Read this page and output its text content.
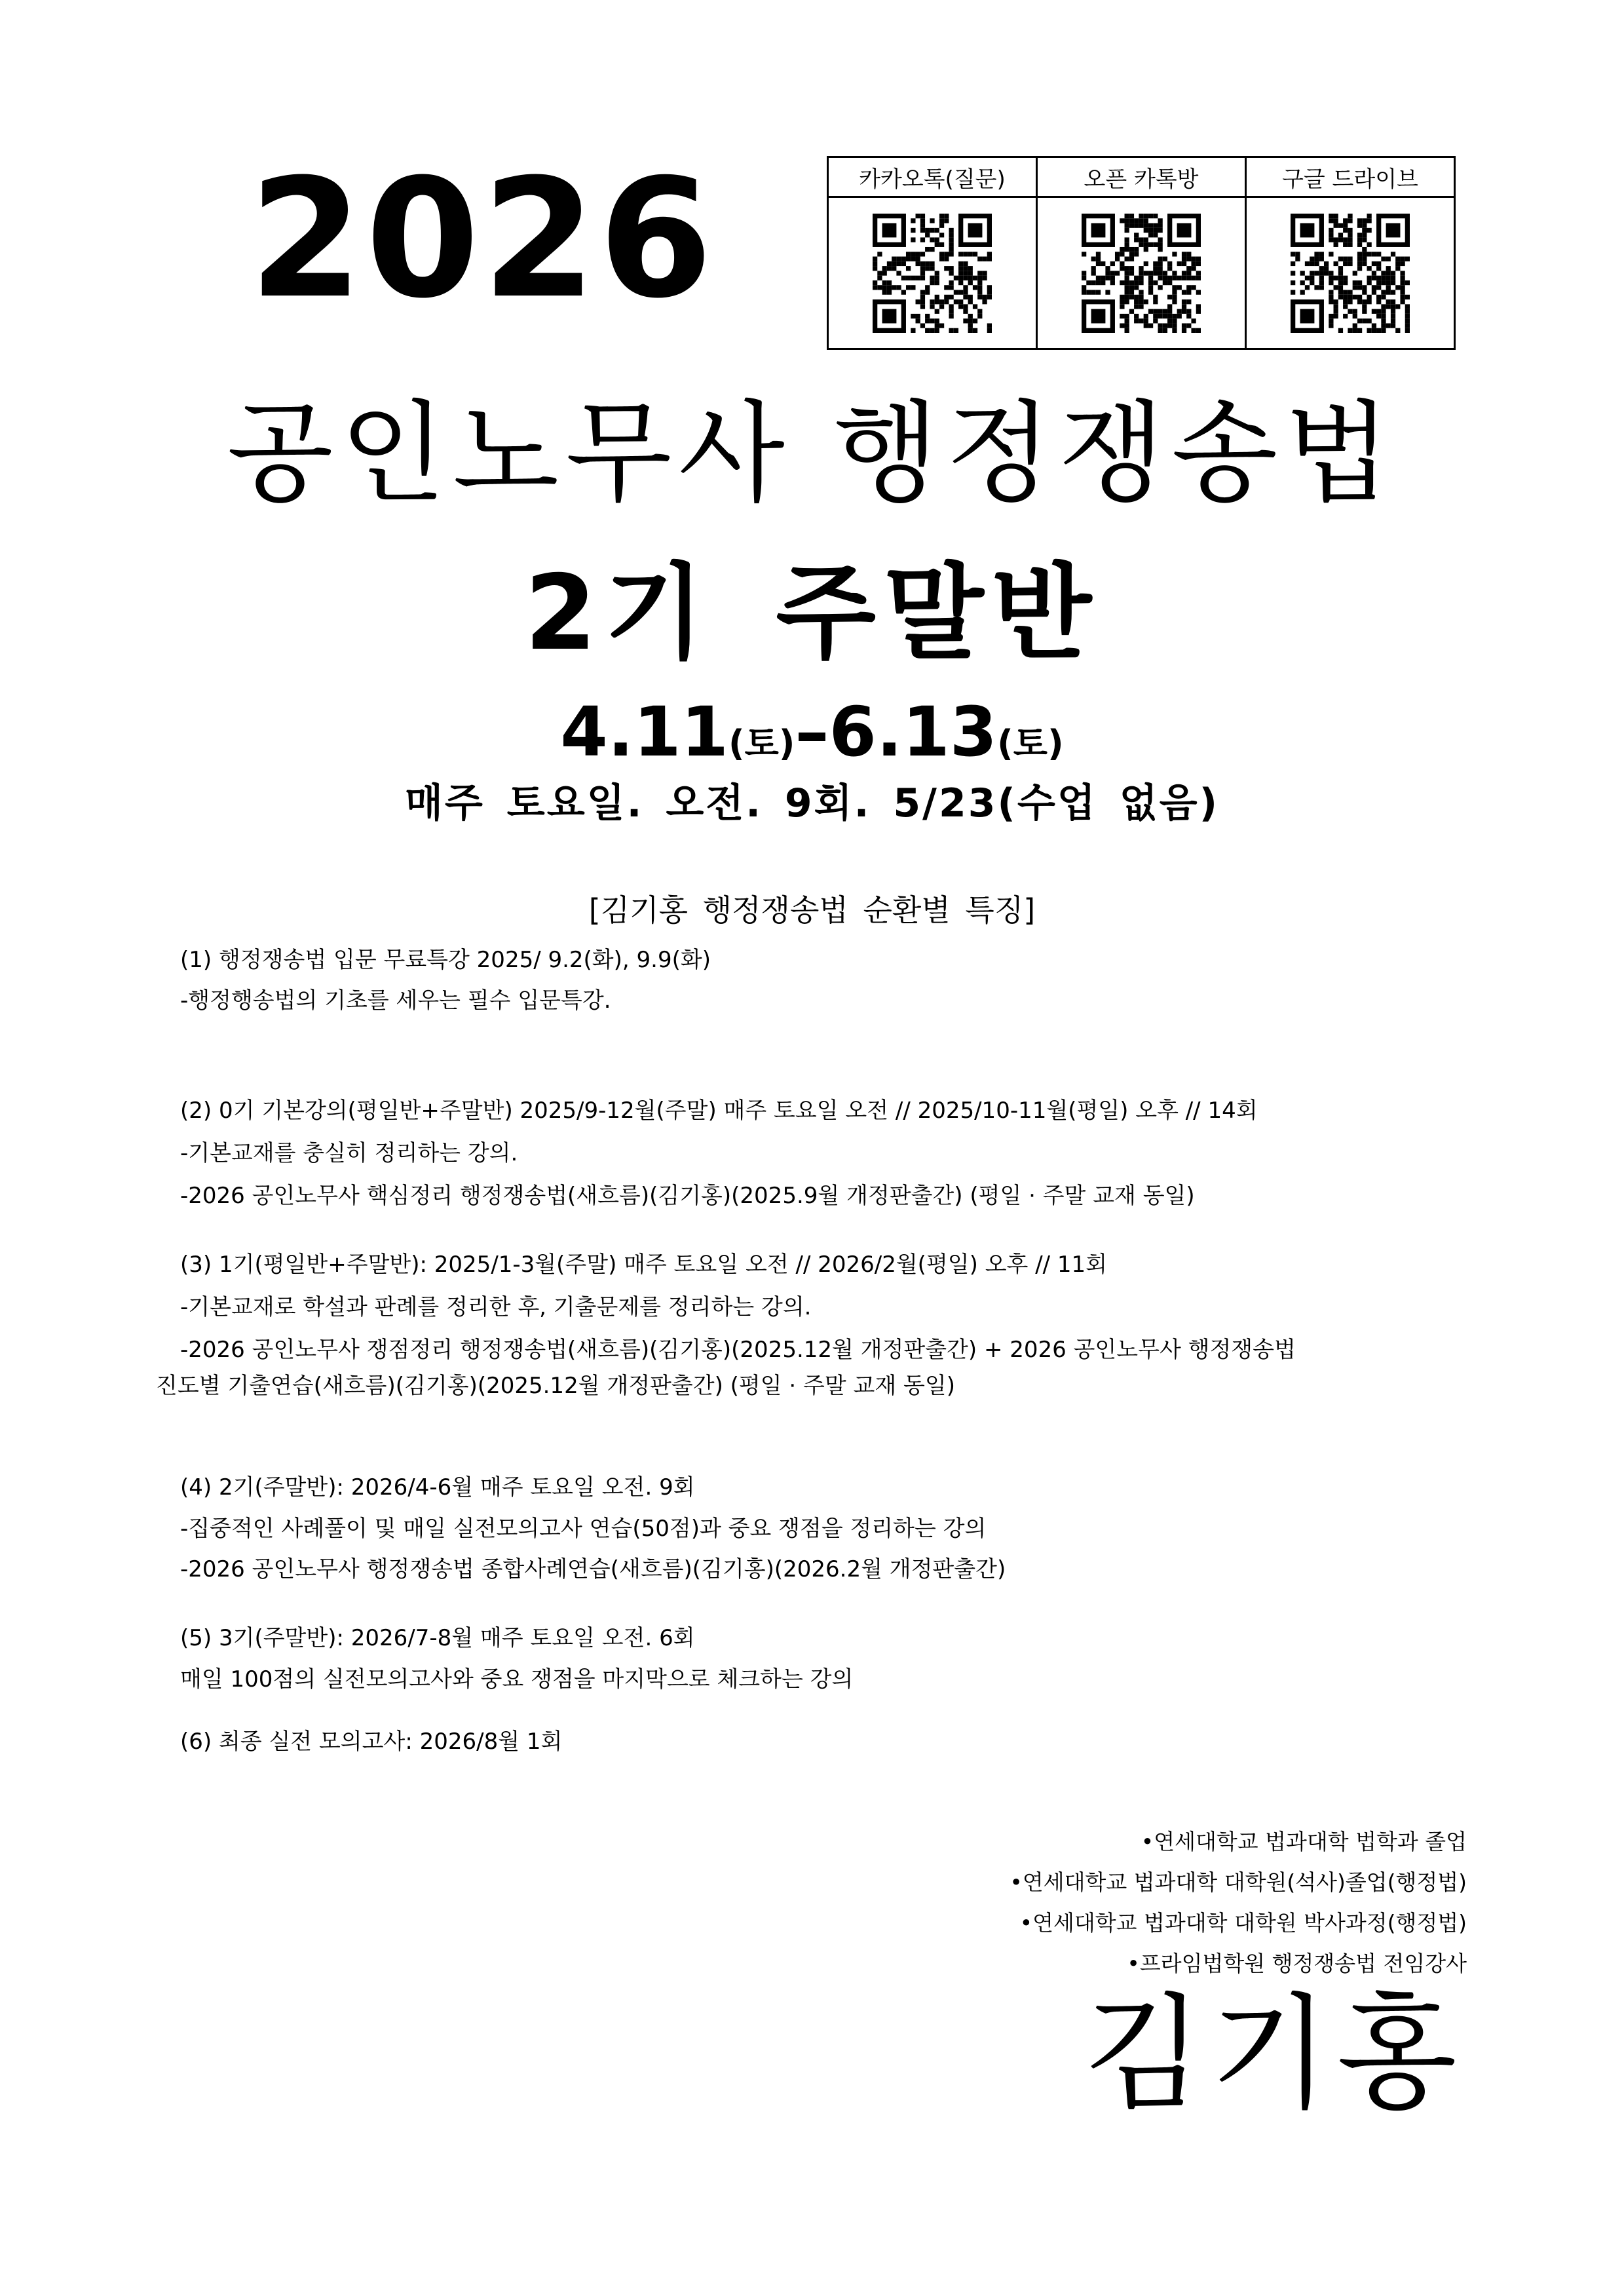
2026	카카오톡(질문)	오픈 카톡방	구글 드라이브
공인노무사 행정쟁송법
2기 주말반
4.11(토)–6.13(토)
매주 토요일. 오전. 9회. 5/23(수업 없음)
[김기홍 행정쟁송법 순환별 특징]

(1) 행정쟁송법 입문 무료특강 2025/ 9.2(화), 9.9(화)

-행정행송법의 기초를 세우는 필수 입문특강.

(2) 0기 기본강의(평일반+주말반) 2025/9-12월(주말) 매주 토요일 오전 // 2025/10-11월(평일) 오후 // 14회

-기본교재를 충실히 정리하는 강의.

-2026 공인노무사 핵심정리 행정쟁송법(새흐름)(김기홍)(2025.9월 개정판출간) (평일 · 주말 교재 동일)

(3) 1기(평일반+주말반): 2025/1-3월(주말) 매주 토요일 오전 // 2026/2월(평일) 오후 // 11회

-기본교재로 학설과 판례를 정리한 후, 기출문제를 정리하는 강의.

-2026 공인노무사 쟁점정리 행정쟁송법(새흐름)(김기홍)(2025.12월 개정판출간) + 2026 공인노무사 행정쟁송법

진도별 기출연습(새흐름)(김기홍)(2025.12월 개정판출간) (평일 · 주말 교재 동일)

(4) 2기(주말반): 2026/4-6월 매주 토요일 오전. 9회

-집중적인 사례풀이 및 매일 실전모의고사 연습(50점)과 중요 쟁점을 정리하는 강의

-2026 공인노무사 행정쟁송법 종합사례연습(새흐름)(김기홍)(2026.2월 개정판출간)

(5) 3기(주말반): 2026/7-8월 매주 토요일 오전. 6회

매일 100점의 실전모의고사와 중요 쟁점을 마지막으로 체크하는 강의

(6) 최종 실전 모의고사: 2026/8월 1회

•연세대학교 법과대학 법학과 졸업
•연세대학교 법과대학 대학원(석사)졸업(행정법)
•연세대학교 법과대학 대학원 박사과정(행정법)
•프라임법학원 행정쟁송법 전임강사
김기홍
